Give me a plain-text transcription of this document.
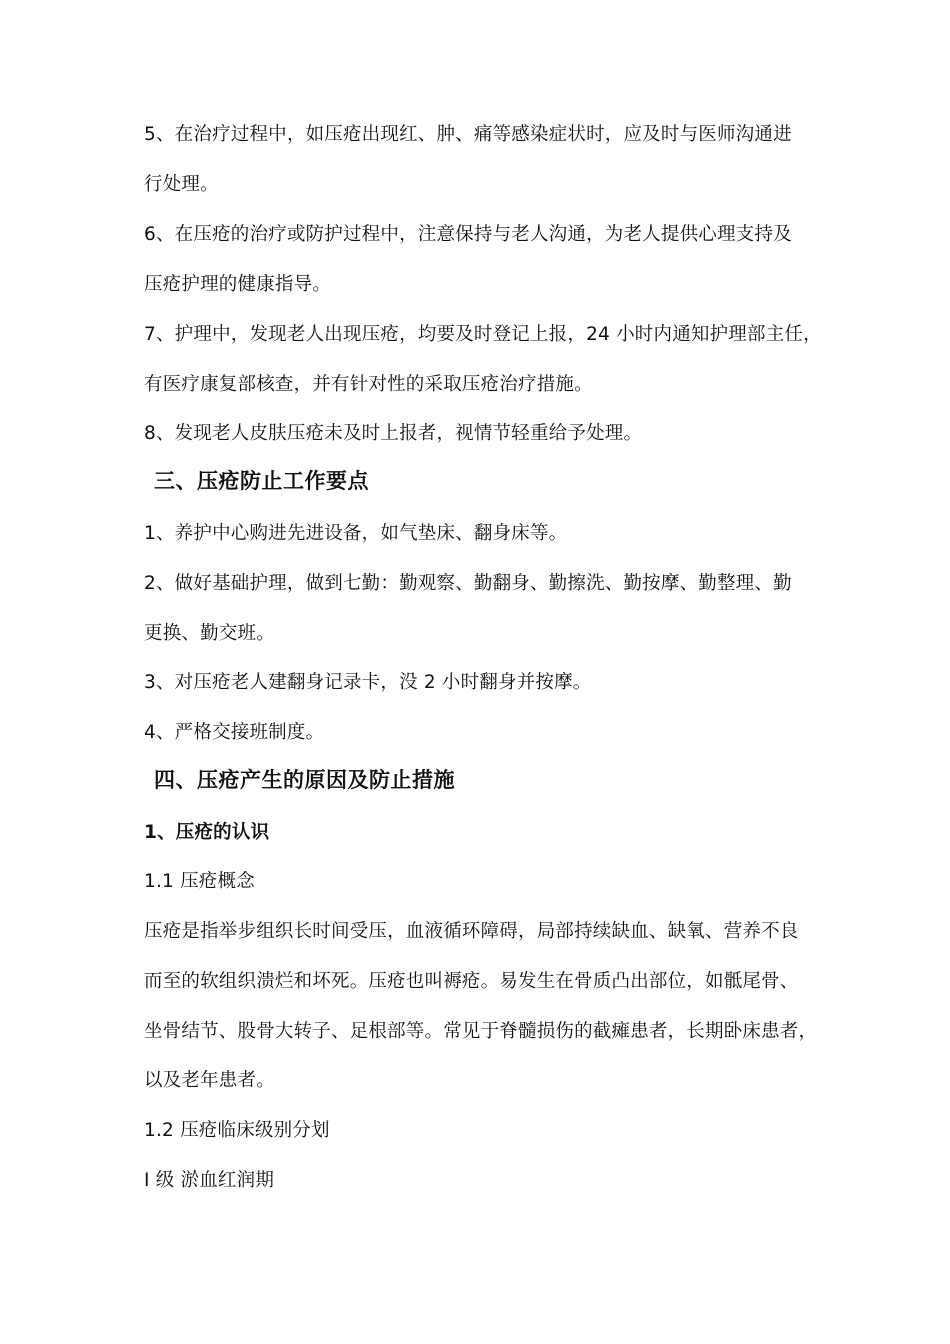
5、在治疗过程中，如压疮出现红、肿、痛等感染症状时，应及时与医师沟通进
行处理。
6、在压疮的治疗或防护过程中，注意保持与老人沟通，为老人提供心理支持及
压疮护理的健康指导。
7、护理中，发现老人出现压疮，均要及时登记上报，24 小时内通知护理部主任，
有医疗康复部核查，并有针对性的采取压疮治疗措施。
8、发现老人皮肤压疮未及时上报者，视情节轻重给予处理。
三、压疮防止工作要点
1、养护中心购进先进设备，如气垫床、翻身床等。
2、做好基础护理，做到七勤：勤观察、勤翻身、勤擦洗、勤按摩、勤整理、勤
更换、勤交班。
3、对压疮老人建翻身记录卡，没 2 小时翻身并按摩。
4、严格交接班制度。
四、压疮产生的原因及防止措施
1、压疮的认识
1.1 压疮概念
压疮是指举步组织长时间受压，血液循环障碍，局部持续缺血、缺氧、营养不良
而至的软组织溃烂和坏死。压疮也叫褥疮。易发生在骨质凸出部位，如骶尾骨、
坐骨结节、股骨大转子、足根部等。常见于脊髓损伤的截瘫患者，长期卧床患者，
以及老年患者。
1.2 压疮临床级别分划
I 级 淤血红润期
